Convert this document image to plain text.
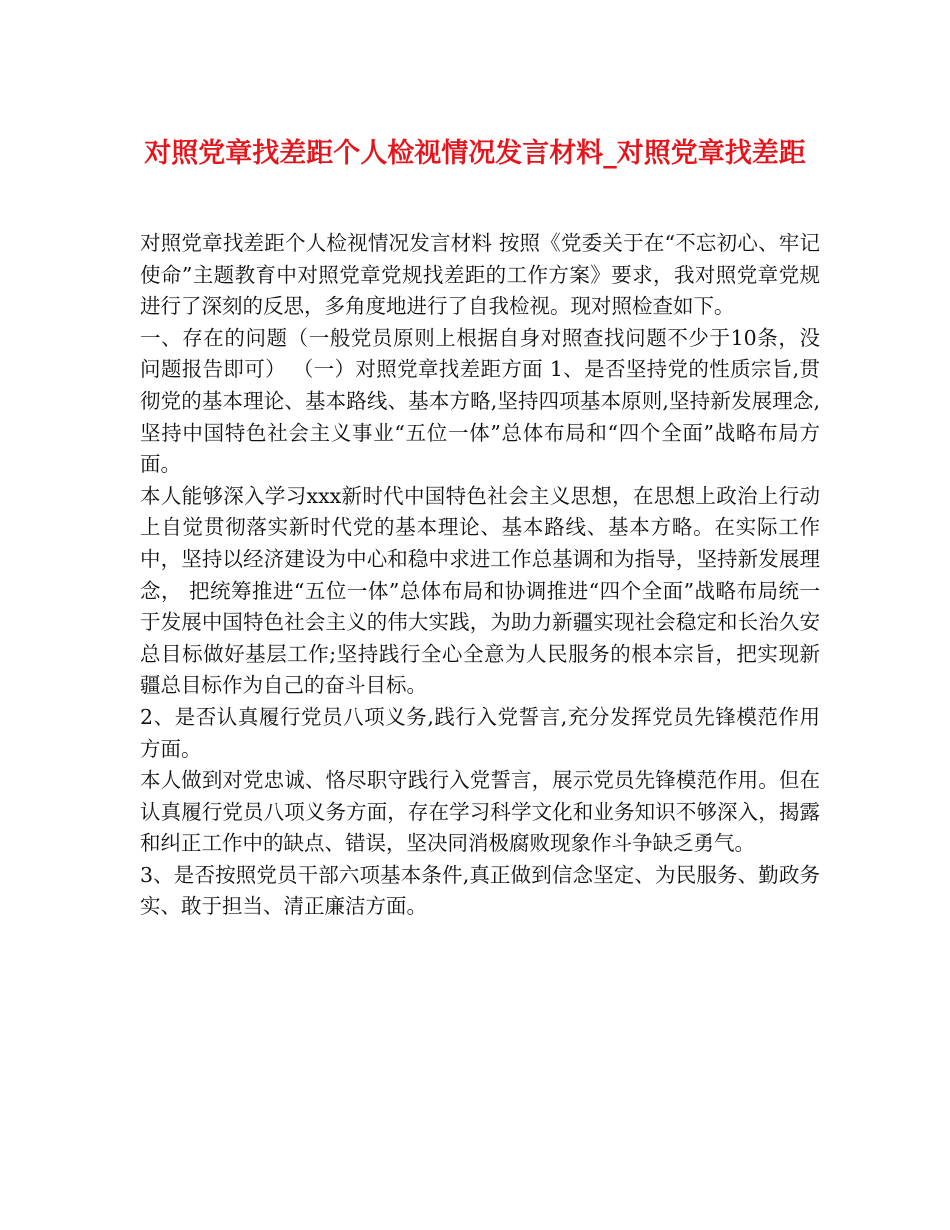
对照党章找差距个人检视情况发言材料_对照党章找差距

对照党章找差距个人检视情况发言材料 按照《党委关于在“不忘初心、牢记使命”主题教育中对照党章党规找差距的工作方案》要求，我对照党章党规进行了深刻的反思，多角度地进行了自我检视。现对照检查如下。

一、存在的问题（一般党员原则上根据自身对照查找问题不少于10条，没问题报告即可） （一）对照党章找差距方面 1、是否坚持党的性质宗旨,贯彻党的基本理论、基本路线、基本方略,坚持四项基本原则,坚持新发展理念,坚持中国特色社会主义事业“五位一体”总体布局和“四个全面”战略布局方面。

本人能够深入学习xxx新时代中国特色社会主义思想，在思想上政治上行动上自觉贯彻落实新时代党的基本理论、基本路线、基本方略。在实际工作中，坚持以经济建设为中心和稳中求进工作总基调和为指导，坚持新发展理念， 把统筹推进“五位一体”总体布局和协调推进“四个全面”战略布局统一于发展中国特色社会主义的伟大实践，为助力新疆实现社会稳定和长治久安总目标做好基层工作;坚持践行全心全意为人民服务的根本宗旨，把实现新疆总目标作为自己的奋斗目标。

2、是否认真履行党员八项义务,践行入党誓言,充分发挥党员先锋模范作用方面。

本人做到对党忠诚、恪尽职守践行入党誓言，展示党员先锋模范作用。但在认真履行党员八项义务方面，存在学习科学文化和业务知识不够深入，揭露和纠正工作中的缺点、错误，坚决同消极腐败现象作斗争缺乏勇气。

3、是否按照党员干部六项基本条件,真正做到信念坚定、为民服务、勤政务实、敢于担当、清正廉洁方面。
